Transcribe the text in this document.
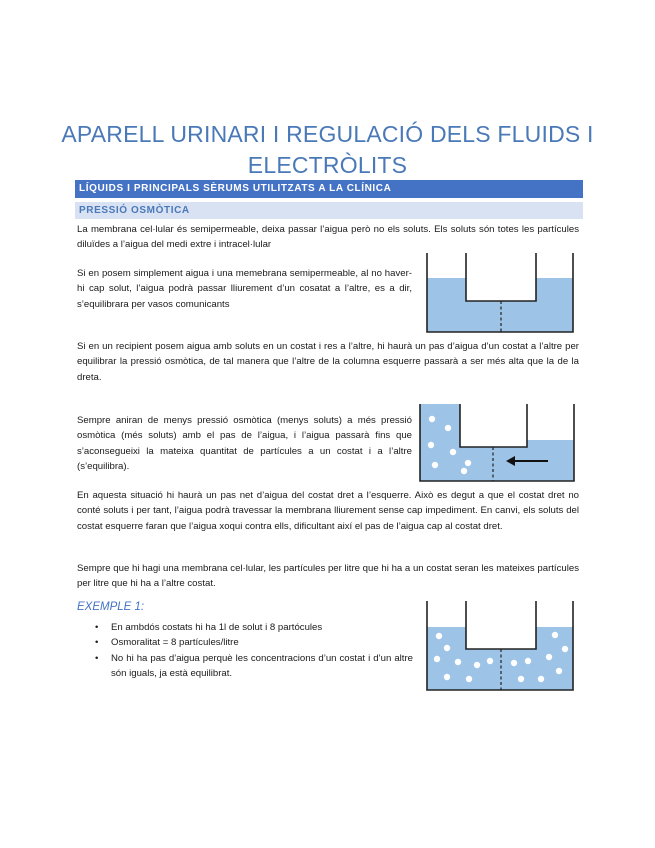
APARELL URINARI I REGULACIÓ DELS FLUIDS I ELECTRÒLITS
LÍQUIDS I PRINCIPALS SÈRUMS UTILITZATS A LA CLÍNICA
PRESSIÓ OSMÒTICA

La membrana cel·lular és semipermeable, deixa passar l’aigua però no els soluts. Els soluts són totes les partícules diluïdes a l’aigua del medi extre i intracel·lular

Si en posem simplement aigua i una memebrana semipermeable, al no haver-hi cap solut, l’aigua podrà passar lliurement d’un cosatat a l’altre, es a dir, s’equilibrara per vasos comunicants

Si en un recipient posem aigua amb soluts en un costat i res a l’altre, hi haurà un pas d’aigua d’un costat a l’altre per equilibrar la pressió osmòtica, de tal manera que l’altre de la columna esquerre passarà a ser més alta que la de la dreta.

Sempre aniran de menys pressió osmòtica (menys soluts) a més pressió osmòtica (més soluts) amb el pas de l’aigua, i l’aigua passarà fins que s’aconsegueixi la mateixa quantitat de partícules a un costat i a l’altre (s’equilibra).

En aquesta situació hi haurà un pas net d’aigua del costat dret a l’esquerre. Això es degut a que el costat dret no conté soluts i per tant, l’aigua podrà travessar la membrana lliurement sense cap impediment. En canvi, els soluts del costat esquerre faran que l’aigua xoqui contra ells, dificultant així el pas de l’aigua cap al costat dret.

Sempre que hi hagi una membrana cel·lular, les partícules per litre que hi ha a un costat seran les mateixes partícules per litre que hi ha a l’altre costat.

EXEMPLE 1:
• En ambdós costats hi ha 1l de solut i 8 partócules
• Osmoralitat = 8 partícules/litre
• No hi ha pas d’aigua perquè les concentracions d’un costat i d’un altre són iguals, ja està equilibrat.
